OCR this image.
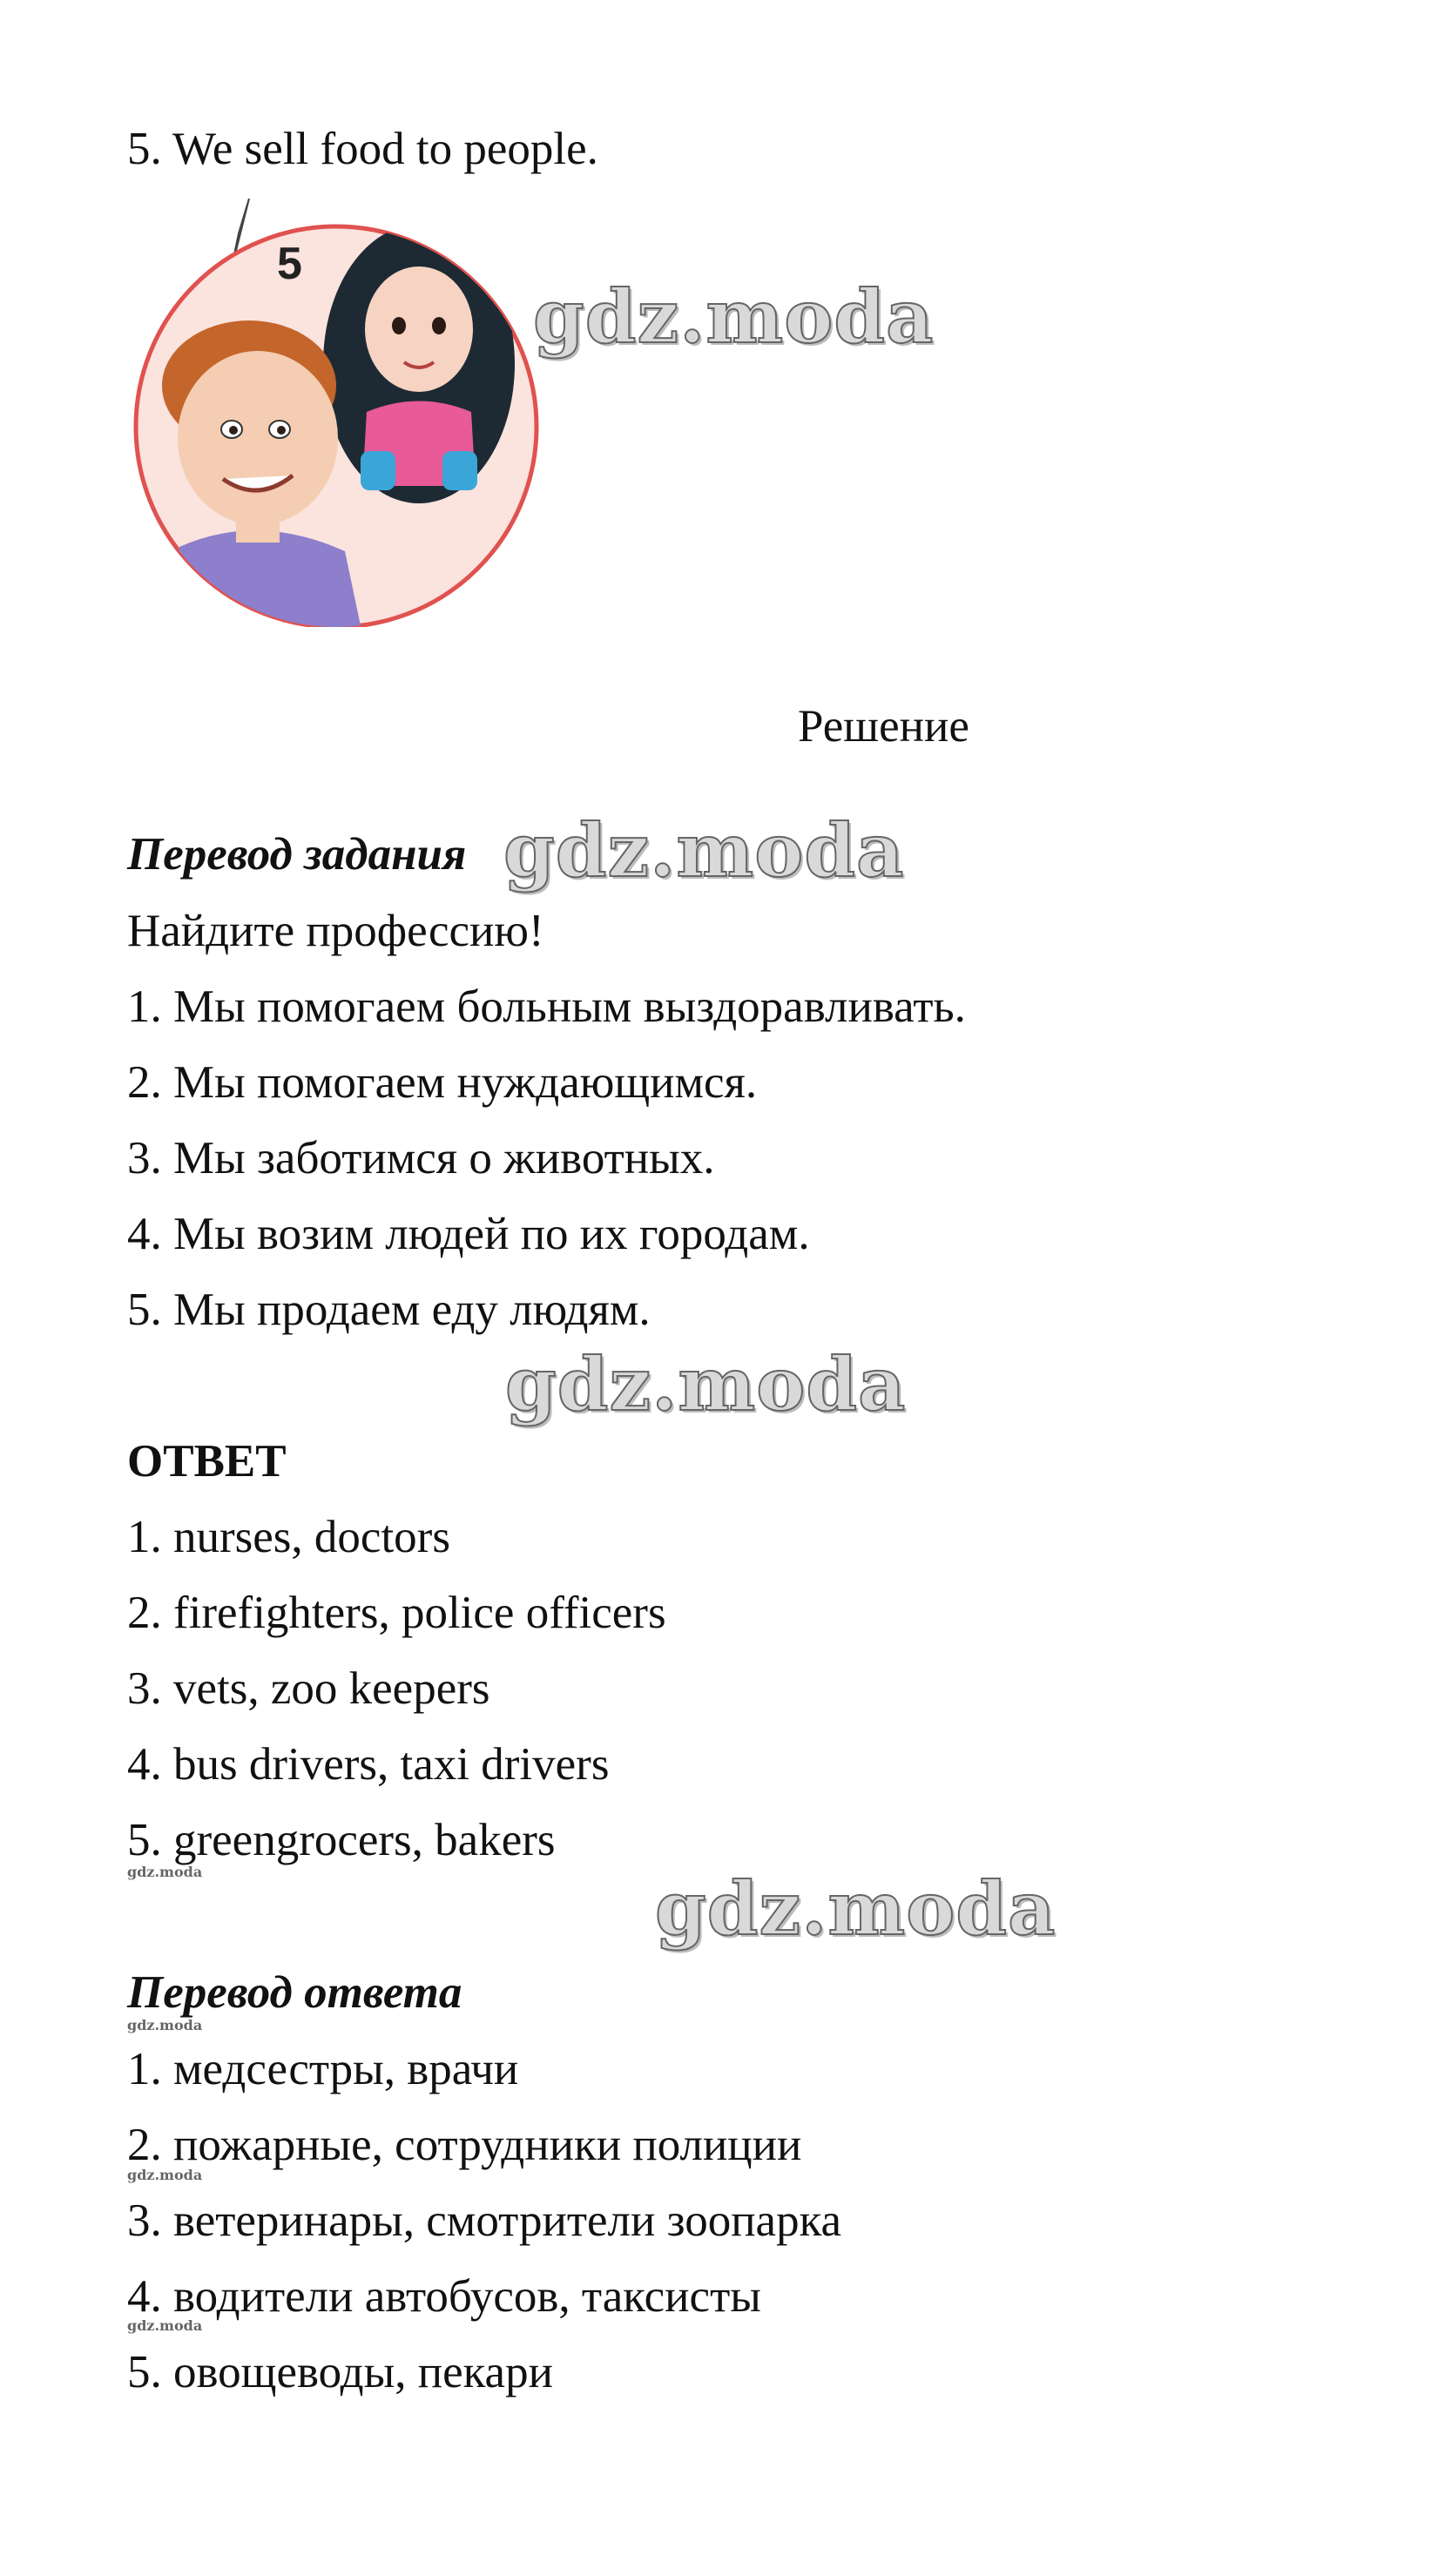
5. We sell food to people.
5
gdz.moda
gdz.moda
gdz.moda
gdz.moda
gdz.moda
gdz.moda
gdz.moda
gdz.moda
Решение
Перевод задания
Найдите профессию!
1. Мы помогаем больным выздоравливать.
2. Мы помогаем нуждающимся.
3. Мы заботимся о животных.
4. Мы возим людей по их городам.
5. Мы продаем еду людям.
ОТВЕТ
1. nurses, doctors
2. firefighters, police officers
3. vets, zoo keepers
4. bus drivers, taxi drivers
5. greengrocers, bakers
Перевод ответа
1. медсестры, врачи
2. пожарные, сотрудники полиции
3. ветеринары, смотрители зоопарка
4. водители автобусов, таксисты
5. овощеводы, пекари
